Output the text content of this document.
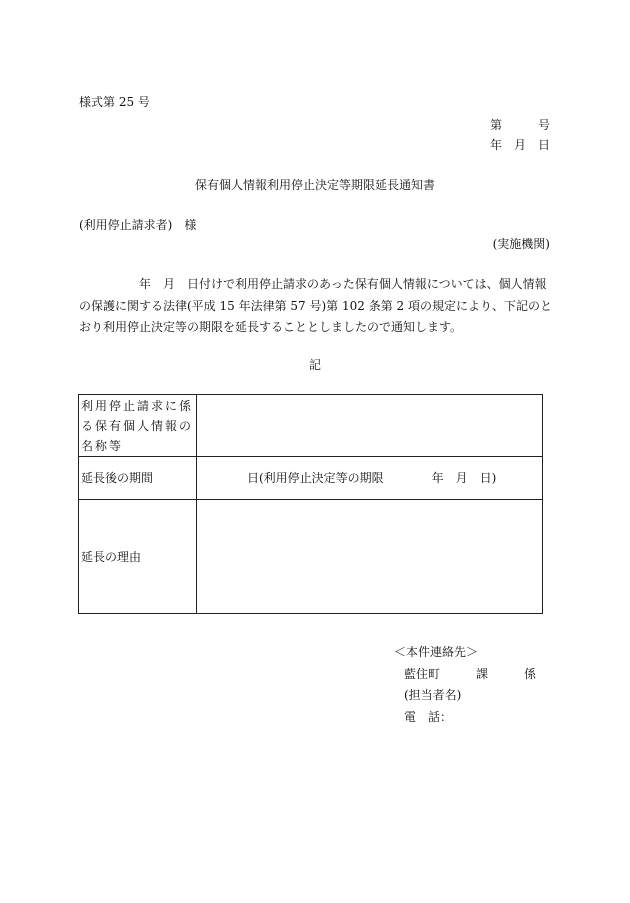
様式第 25 号
第　　　号
年　月　日
保有個人情報利用停止決定等期限延長通知書
(利用停止請求者)　様
(実施機関)
　　　　　年　月　日付けで利用停止請求のあった保有個人情報については、個人情報の保護に関する法律(平成 15 年法律第 57 号)第 102 条第 2 項の規定により、下記のとおり利用停止決定等の期限を延長することとしましたので通知します。
記
利用停止請求に係る保有個人情報の名称等	

延長後の期間	日(利用停止決定等の期限　　　　年　月　日)
延長の理由	
＜本件連絡先＞
藍住町　　　課　　　係
(担当者名)
電　話：
